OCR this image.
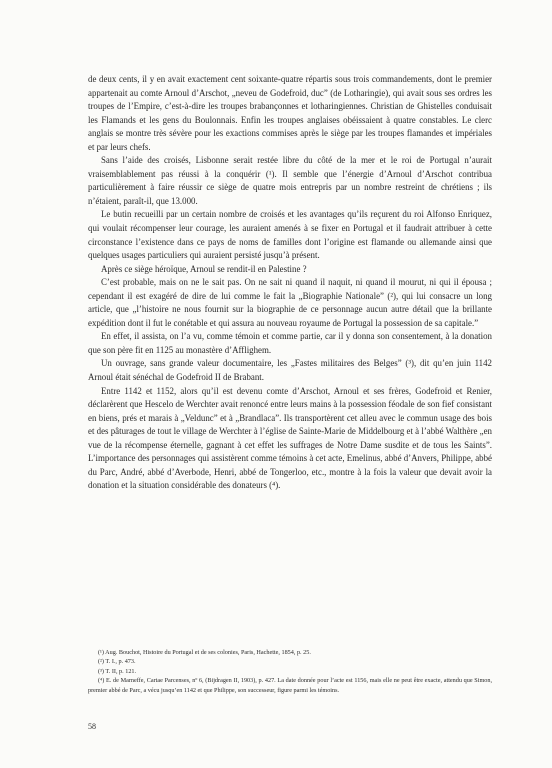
de deux cents, il y en avait exactement cent soixante-quatre répartis sous trois commandements, dont le premier appartenait au comte Arnoul d’Arschot, „neveu de Godefroid, duc” (de Lotharingie), qui avait sous ses ordres les troupes de l’Empire, c’est-à-dire les troupes brabançonnes et lotharingiennes. Christian de Ghistelles conduisait les Flamands et les gens du Boulonnais. Enfin les troupes anglaises obéissaient à quatre constables. Le clerc anglais se montre très sévère pour les exactions commises après le siège par les troupes flamandes et impériales et par leurs chefs.

Sans l’aide des croisés, Lisbonne serait restée libre du côté de la mer et le roi de Portugal n’aurait vraisemblablement pas réussi à la conquérir (¹). Il semble que l’énergie d’Arnoul d’Arschot contribua particulièrement à faire réussir ce siège de quatre mois entrepris par un nombre restreint de chrétiens ; ils n’étaient, paraît-il, que 13.000.

Le butin recueilli par un certain nombre de croisés et les avantages qu’ils reçurent du roi Alfonso Enriquez, qui voulait récompenser leur courage, les auraient amenés à se fixer en Portugal et il faudrait attribuer à cette circonstance l’existence dans ce pays de noms de familles dont l’origine est flamande ou allemande ainsi que quelques usages particuliers qui auraient persisté jusqu’à présent.

Après ce siège héroïque, Arnoul se rendit-il en Palestine ?

C’est probable, mais on ne le sait pas. On ne sait ni quand il naquit, ni quand il mourut, ni qui il épousa ; cependant il est exagéré de dire de lui comme le fait la „Biographie Nationale” (²), qui lui consacre un long article, que „l’histoire ne nous fournit sur la biographie de ce personnage aucun autre détail que la brillante expédition dont il fut le conétable et qui assura au nouveau royaume de Portugal la possession de sa capitale.”

En effet, il assista, on l’a vu, comme témoin et comme partie, car il y donna son consentement, à la donation que son père fit en 1125 au monastère d’Afflighem.

Un ouvrage, sans grande valeur documentaire, les „Fastes militaires des Belges” (³), dit qu’en juin 1142 Arnoul était sénéchal de Godefroid II de Brabant.

Entre 1142 et 1152, alors qu’il est devenu comte d’Arschot, Arnoul et ses frères, Godefroid et Renier, déclarèrent que Hescelo de Werchter avait renoncé entre leurs mains à la possession féodale de son fief consistant en biens, prés et marais à „Veldunc” et à „Brandlaca”. Ils transportèrent cet alleu avec le commun usage des bois et des pâturages de tout le village de Werchter à l’église de Sainte-Marie de Middelbourg et à l’abbé Walthère „en vue de la récompense éternelle, gagnant à cet effet les suffrages de Notre Dame susdite et de tous les Saints”. L’importance des personnages qui assistèrent comme témoins à cet acte, Emelinus, abbé d’Anvers, Philippe, abbé du Parc, André, abbé d’Averbode, Henri, abbé de Tongerloo, etc., montre à la fois la valeur que devait avoir la donation et la situation considérable des donateurs (⁴).

(¹) Aug. Bouchot, Histoire du Portugal et de ses colonies, Paris, Hachette, 1854, p. 25.

(²) T. I., p. 473.

(³) T. II, p. 121.

(⁴) E. de Marneffe, Cartae Parcenses, nº 6, (Bijdragen II, 1903), p. 427. La date donnée pour l’acte est 1156, mais elle ne peut être exacte, attendu que Simon, premier abbé de Parc, a vécu jusqu’en 1142 et que Philippe, son successeur, figure parmi les témoins.

58
